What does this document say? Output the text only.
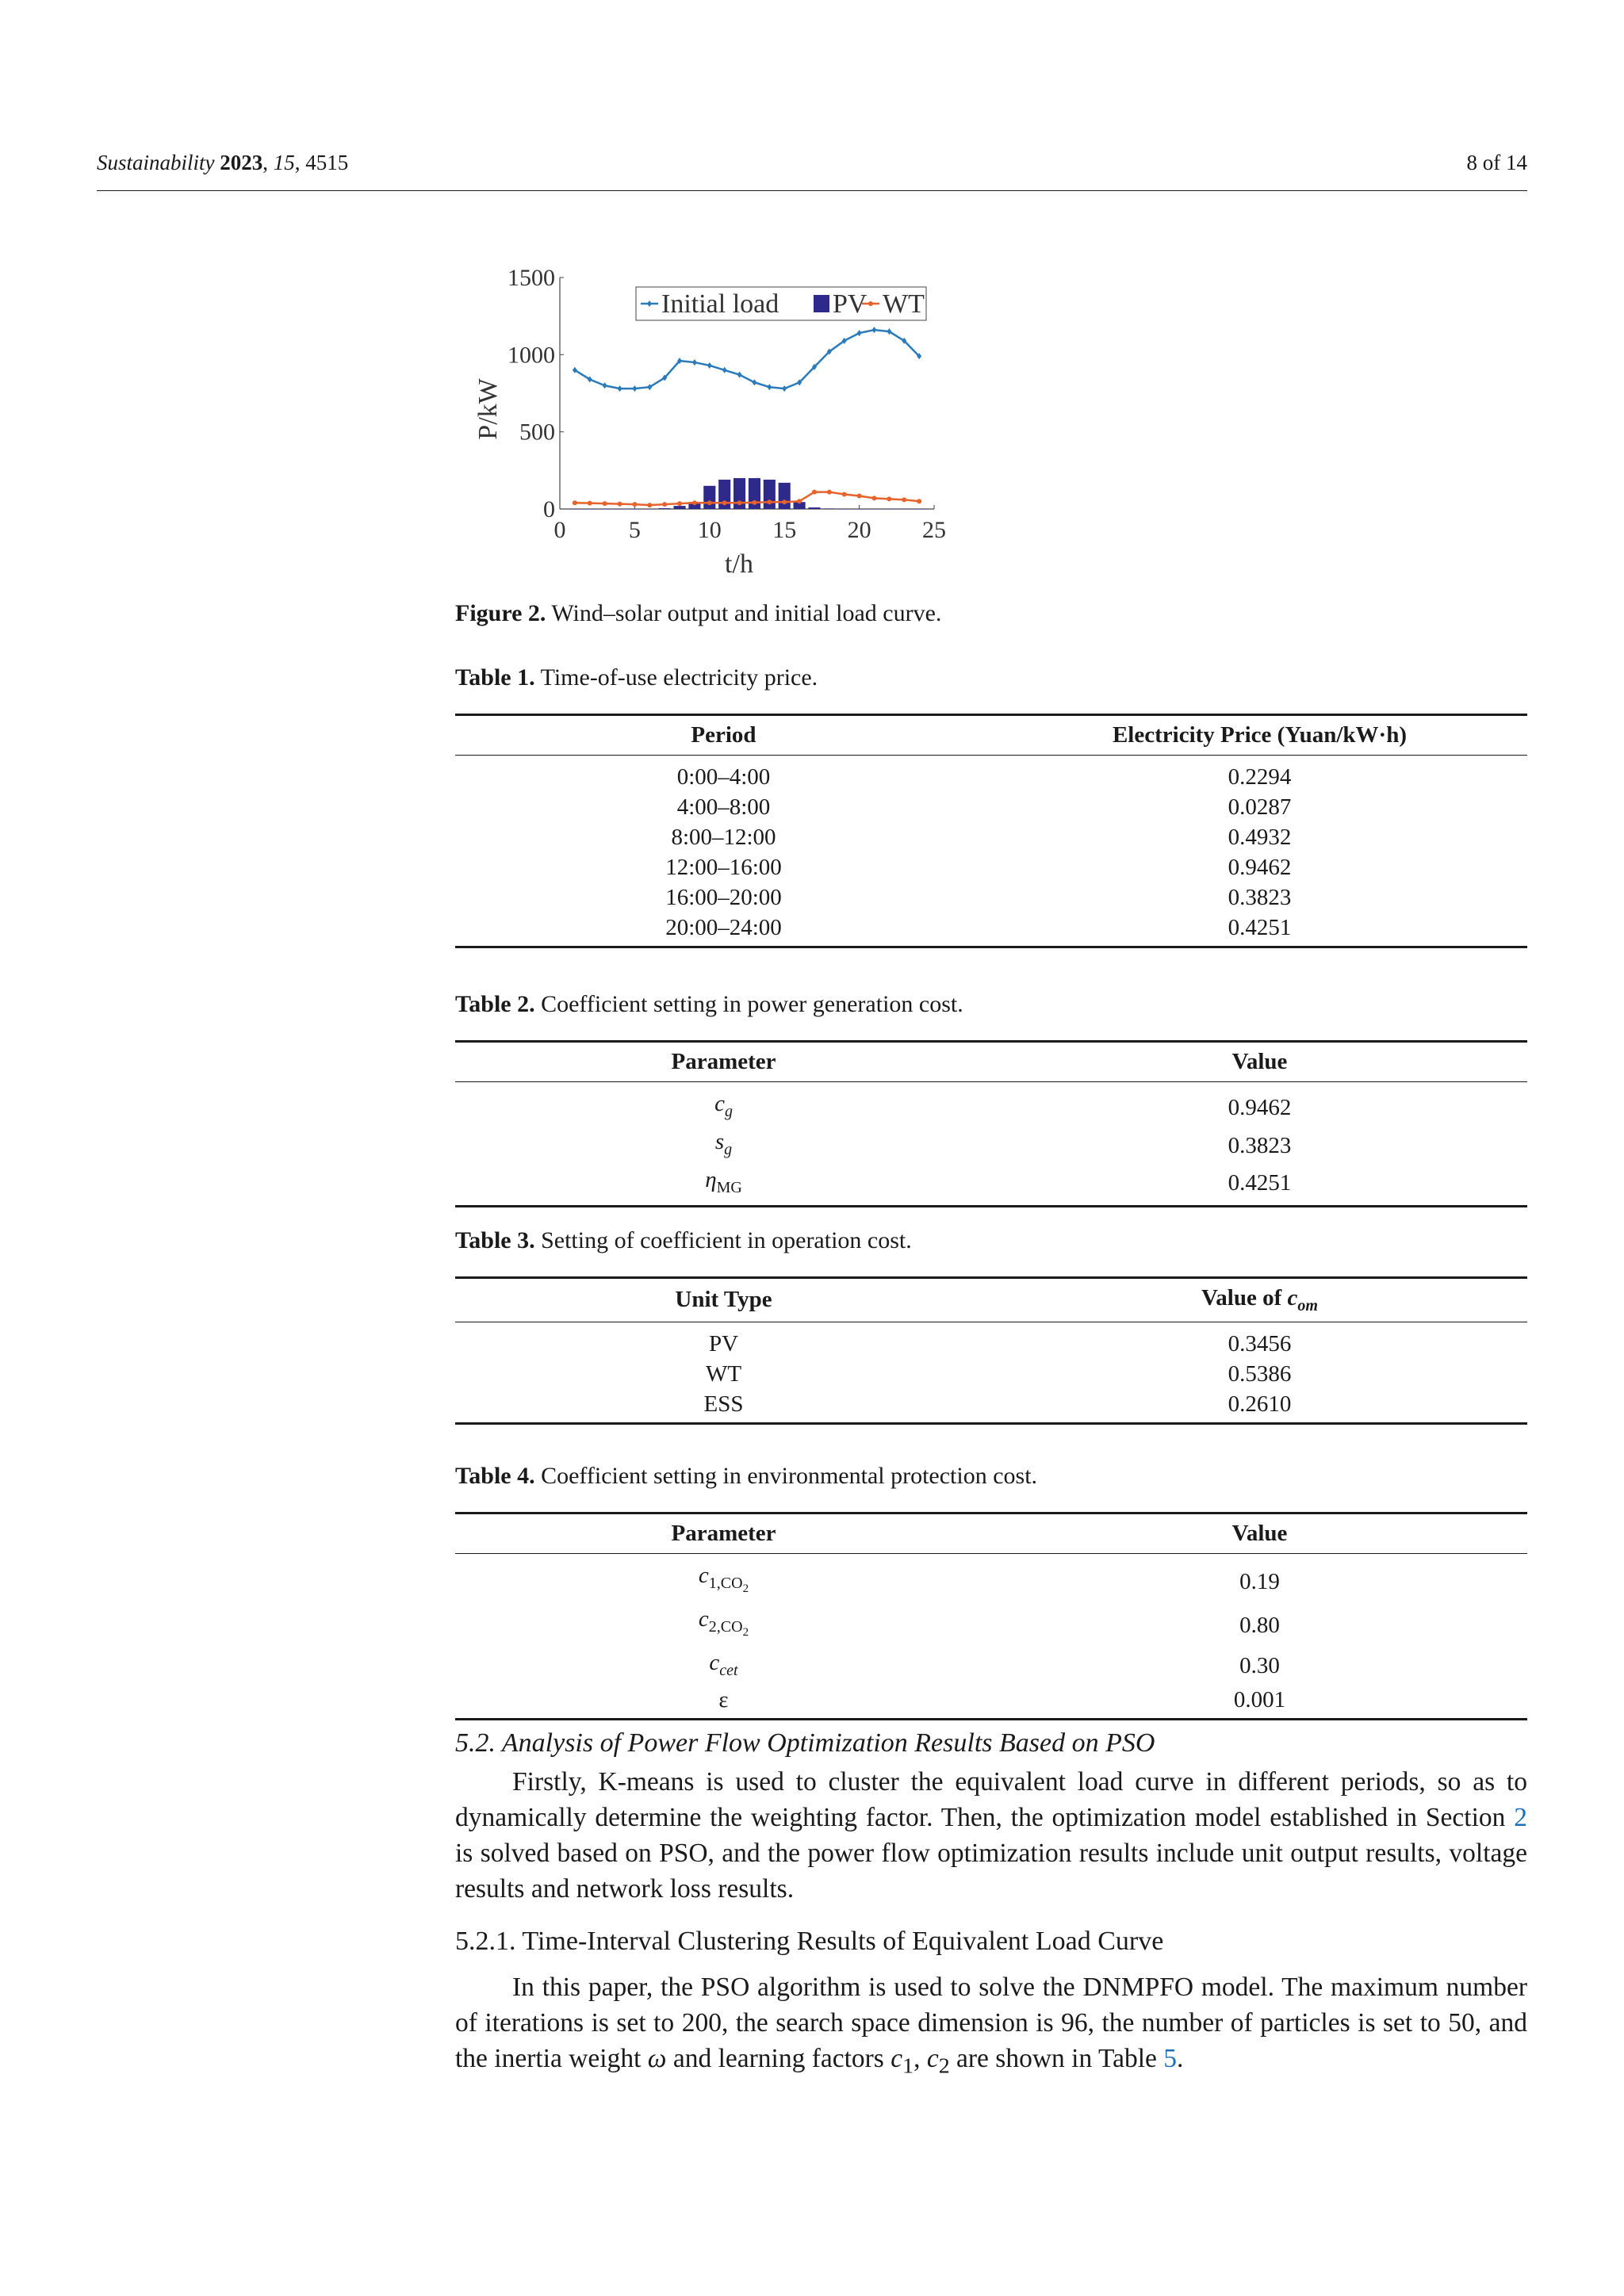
Sustainability 2023, 15, 4515	8 of 14
0
500
1000
1500
0	5 10 15 20 25
t/h
P/kW
Initial load PV WT
Figure 2. Wind–solar output and initial load curve.
Table 1. Time-of-use electricity price.
Period	Electricity Price (Yuan/kW·h)
0:00–4:00	0.2294
4:00–8:00	0.0287
8:00–12:00	0.4932
12:00–16:00	0.9462
16:00–20:00	0.3823
20:00–24:00	0.4251
Table 2. Coefficient setting in power generation cost.
Parameter	Value
$c_g$	0.9462
$s_g$	0.3823
$\eta_{MG}$	0.4251
Table 3. Setting of coefficient in operation cost.
Unit Type	Value of $c_{om}$
PV	0.3456
WT	0.5386
ESS	0.2610
Table 4. Coefficient setting in environmental protection cost.
Parameter	Value
$c_{1,CO_2}$	0.19
$c_{2,CO_2}$	0.80
$c_{cet}$	0.30
ε	0.001
5.2. Analysis of Power Flow Optimization Results Based on PSO

Firstly, K-means is used to cluster the equivalent load curve in different periods, so as to dynamically determine the weighting factor. Then, the optimization model established in Section 2 is solved based on PSO, and the power flow optimization results include unit output results, voltage results and network loss results.

5.2.1. Time-Interval Clustering Results of Equivalent Load Curve

In this paper, the PSO algorithm is used to solve the DNMPFO model. The maximum number of iterations is set to 200, the search space dimension is 96, the number of particles is set to 50, and the inertia weight ω and learning factors $c_1$, $c_2$ are shown in Table 5.
